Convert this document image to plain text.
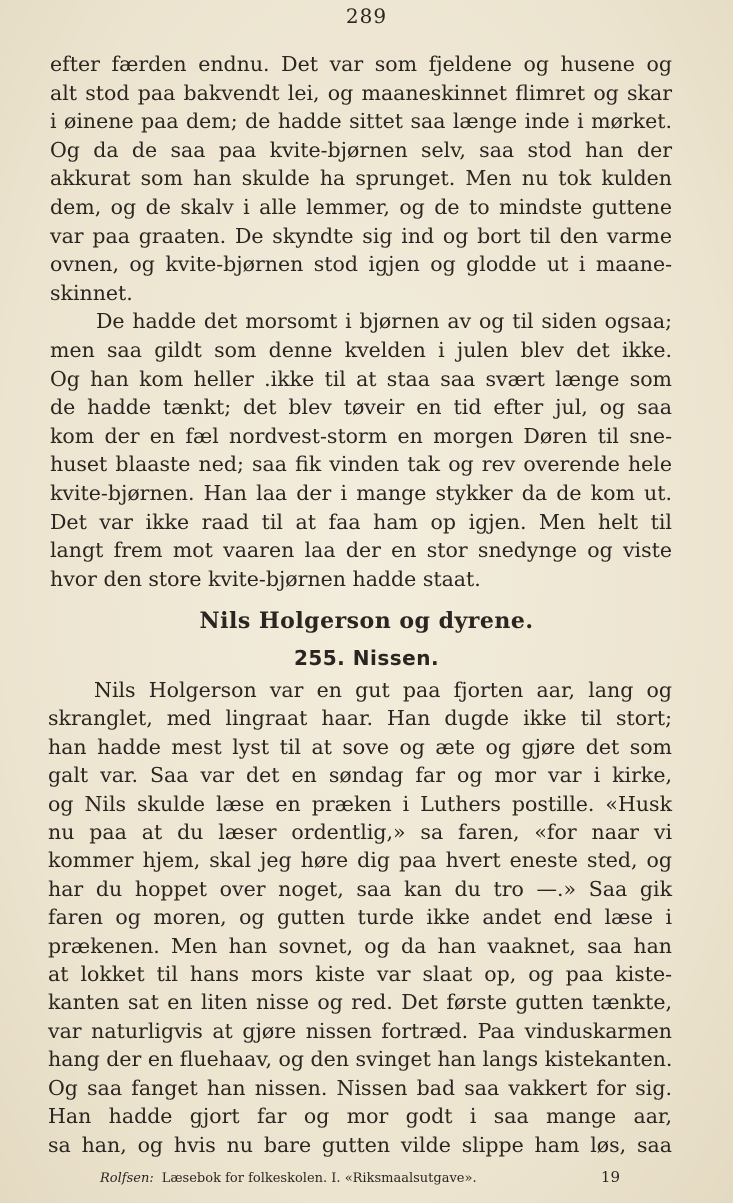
289
efter færden endnu. Det var som fjeldene og husene og
alt stod paa bakvendt lei, og maaneskinnet flimret og skar
i øinene paa dem; de hadde sittet saa længe inde i mørket.
Og da de saa paa kvite-bjørnen selv, saa stod han der
akkurat som han skulde ha sprunget. Men nu tok kulden
dem, og de skalv i alle lemmer, og de to mindste guttene
var paa graaten. De skyndte sig ind og bort til den varme
ovnen, og kvite-bjørnen stod igjen og glodde ut i maane-
skinnet.
De hadde det morsomt i bjørnen av og til siden ogsaa;
men saa gildt som denne kvelden i julen blev det ikke.
Og han kom heller .ikke til at staa saa svært længe som
de hadde tænkt; det blev tøveir en tid efter jul, og saa
kom der en fæl nordvest-storm en morgen Døren til sne-
huset blaaste ned; saa fik vinden tak og rev overende hele
kvite-bjørnen. Han laa der i mange stykker da de kom ut.
Det var ikke raad til at faa ham op igjen. Men helt til
langt frem mot vaaren laa der en stor snedynge og viste
hvor den store kvite-bjørnen hadde staat.
Nils Holgerson og dyrene.
255. Nissen.
Nils Holgerson var en gut paa fjorten aar, lang og
skranglet, med lingraat haar. Han dugde ikke til stort;
han hadde mest lyst til at sove og æte og gjøre det som
galt var. Saa var det en søndag far og mor var i kirke,
og Nils skulde læse en præken i Luthers postille. «Husk
nu paa at du læser ordentlig,» sa faren, «for naar vi
kommer hjem, skal jeg høre dig paa hvert eneste sted, og
har du hoppet over noget, saa kan du tro —.» Saa gik
faren og moren, og gutten turde ikke andet end læse i
prækenen. Men han sovnet, og da han vaaknet, saa han
at lokket til hans mors kiste var slaat op, og paa kiste-
kanten sat en liten nisse og red. Det første gutten tænkte,
var naturligvis at gjøre nissen fortræd. Paa vinduskarmen
hang der en fluehaav, og den svinget han langs kistekanten.
Og saa fanget han nissen. Nissen bad saa vakkert for sig.
Han hadde gjort far og mor godt i saa mange aar,
sa han, og hvis nu bare gutten vilde slippe ham løs, saa
Rolfsen: Læsebok for folkeskolen. I. «Riksmaalsutgave».	19
